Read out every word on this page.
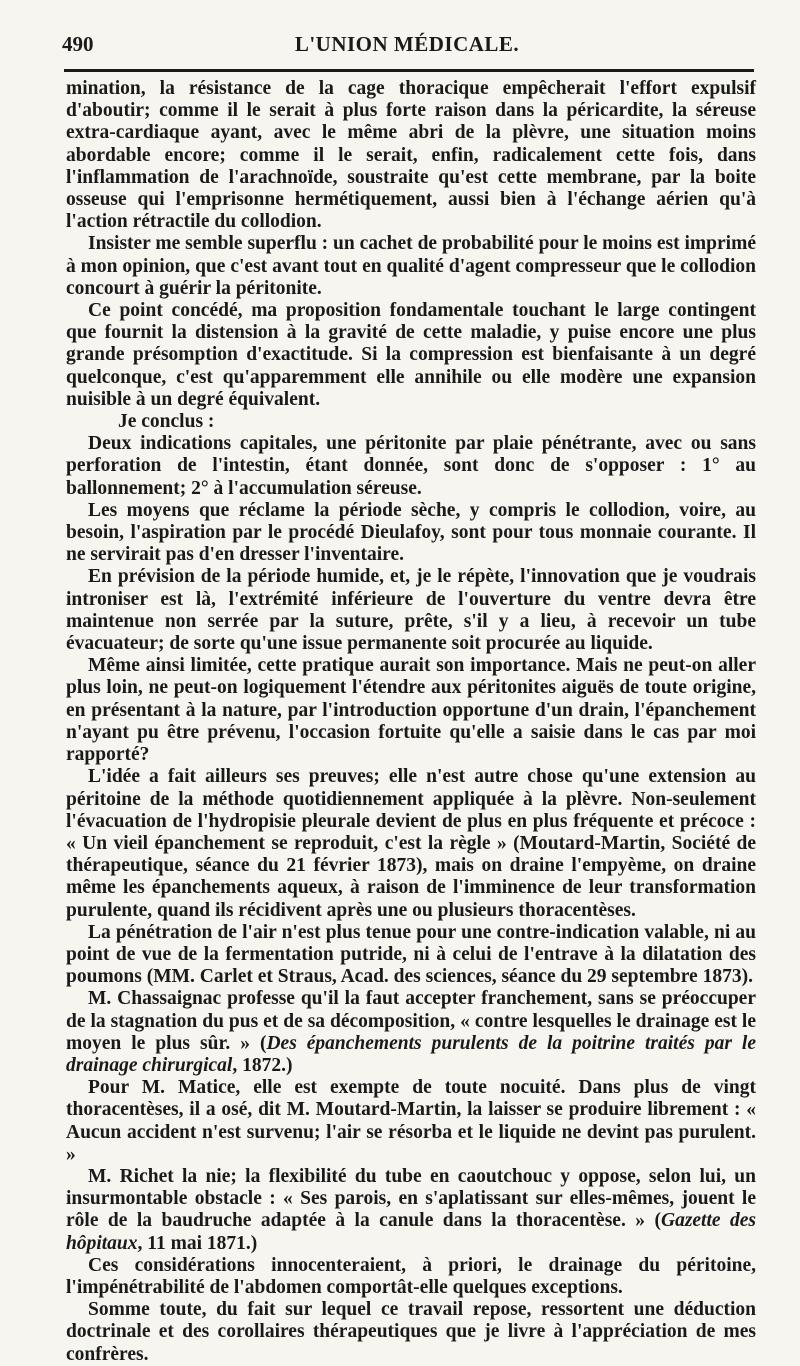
490	L'UNION MÉDICALE.

mination, la résistance de la cage thoracique empêcherait l'effort expulsif d'aboutir; comme il le serait à plus forte raison dans la péricardite, la séreuse extra-cardiaque ayant, avec le même abri de la plèvre, une situation moins abordable encore; comme il le serait, enfin, radicalement cette fois, dans l'inflammation de l'arachnoïde, soustraite qu'est cette membrane, par la boite osseuse qui l'emprisonne hermétiquement, aussi bien à l'échange aérien qu'à l'action rétractile du collodion.

Insister me semble superflu : un cachet de probabilité pour le moins est imprimé à mon opinion, que c'est avant tout en qualité d'agent compresseur que le collodion concourt à guérir la péritonite.

Ce point concédé, ma proposition fondamentale touchant le large contingent que fournit la distension à la gravité de cette maladie, y puise encore une plus grande présomption d'exactitude. Si la compression est bienfaisante à un degré quelconque, c'est qu'apparemment elle annihile ou elle modère une expansion nuisible à un degré équivalent.

Je conclus :

Deux indications capitales, une péritonite par plaie pénétrante, avec ou sans perforation de l'intestin, étant donnée, sont donc de s'opposer : 1° au ballonnement; 2° à l'accumulation séreuse.

Les moyens que réclame la période sèche, y compris le collodion, voire, au besoin, l'aspiration par le procédé Dieulafoy, sont pour tous monnaie courante. Il ne servirait pas d'en dresser l'inventaire.

En prévision de la période humide, et, je le répète, l'innovation que je voudrais introniser est là, l'extrémité inférieure de l'ouverture du ventre devra être maintenue non serrée par la suture, prête, s'il y a lieu, à recevoir un tube évacuateur; de sorte qu'une issue permanente soit procurée au liquide.

Même ainsi limitée, cette pratique aurait son importance. Mais ne peut-on aller plus loin, ne peut-on logiquement l'étendre aux péritonites aiguës de toute origine, en présentant à la nature, par l'introduction opportune d'un drain, l'épanchement n'ayant pu être prévenu, l'occasion fortuite qu'elle a saisie dans le cas par moi rapporté?

L'idée a fait ailleurs ses preuves; elle n'est autre chose qu'une extension au péritoine de la méthode quotidiennement appliquée à la plèvre. Non-seulement l'évacuation de l'hydropisie pleurale devient de plus en plus fréquente et précoce : « Un vieil épanchement se reproduit, c'est la règle » (Moutard-Martin, Société de thérapeutique, séance du 21 février 1873), mais on draine l'empyème, on draine même les épanchements aqueux, à raison de l'imminence de leur transformation purulente, quand ils récidivent après une ou plusieurs thoracentèses.

La pénétration de l'air n'est plus tenue pour une contre-indication valable, ni au point de vue de la fermentation putride, ni à celui de l'entrave à la dilatation des poumons (MM. Carlet et Straus, Acad. des sciences, séance du 29 septembre 1873).

M. Chassaignac professe qu'il la faut accepter franchement, sans se préoccuper de la stagnation du pus et de sa décomposition, « contre lesquelles le drainage est le moyen le plus sûr. » (Des épanchements purulents de la poitrine traités par le drainage chirurgical, 1872.)

Pour M. Matice, elle est exempte de toute nocuité. Dans plus de vingt thoracentèses, il a osé, dit M. Moutard-Martin, la laisser se produire librement : « Aucun accident n'est survenu; l'air se résorba et le liquide ne devint pas purulent. »

M. Richet la nie; la flexibilité du tube en caoutchouc y oppose, selon lui, un insurmontable obstacle : « Ses parois, en s'aplatissant sur elles-mêmes, jouent le rôle de la baudruche adaptée à la canule dans la thoracentèse. » (Gazette des hôpitaux, 11 mai 1871.)

Ces considérations innocenteraient, à priori, le drainage du péritoine, l'impénétrabilité de l'abdomen comportât-elle quelques exceptions.

Somme toute, du fait sur lequel ce travail repose, ressortent une déduction doctrinale et des corollaires thérapeutiques que je livre à l'appréciation de mes confrères.
